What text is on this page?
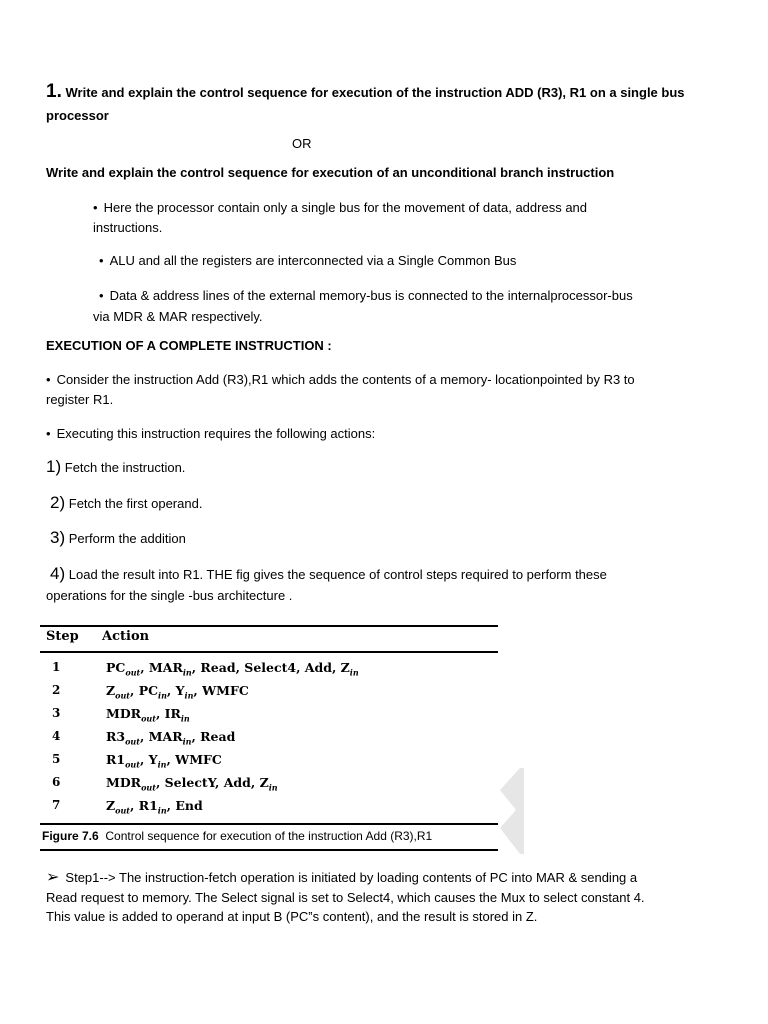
1. Write and explain the control sequence for execution of the instruction ADD (R3), R1 on a single bus
processor
OR
Write and explain the control sequence for execution of an unconditional branch instruction
• Here the processor contain only a single bus for the movement of data, address and
instructions.
• ALU and all the registers are interconnected via a Single Common Bus
• Data & address lines of the external memory-bus is connected to the internalprocessor-bus
via MDR & MAR respectively.
EXECUTION OF A COMPLETE INSTRUCTION :
• Consider the instruction Add (R3),R1 which adds the contents of a memory- locationpointed by R3 to
register R1.
• Executing this instruction requires the following actions:
1) Fetch the instruction.
2) Fetch the first operand.
3) Perform the addition
4) Load the result into R1. THE fig gives the sequence of control steps required to perform these
operations for the single -bus architecture .
Step Action
1	$PC_{out}$, $MAR_{in}$, Read, Select4, Add, $Z_{in}$
2	$Z_{out}$, $PC_{in}$, $Y_{in}$, WMFC
3	$MDR_{out}$, $IR_{in}$
4	$R3_{out}$, $MAR_{in}$, Read
5	$R1_{out}$, $Y_{in}$, WMFC
6	$MDR_{out}$, SelectY, Add, $Z_{in}$
7	$Z_{out}$, $R1_{in}$, End
Figure 7.6 Control sequence for execution of the instruction Add (R3),R1
➢ Step1--> The instruction-fetch operation is initiated by loading contents of PC into MAR & sending a
Read request to memory. The Select signal is set to Select4, which causes the Mux to select constant 4.
This value is added to operand at input B (PC‟s content), and the result is stored in Z.
